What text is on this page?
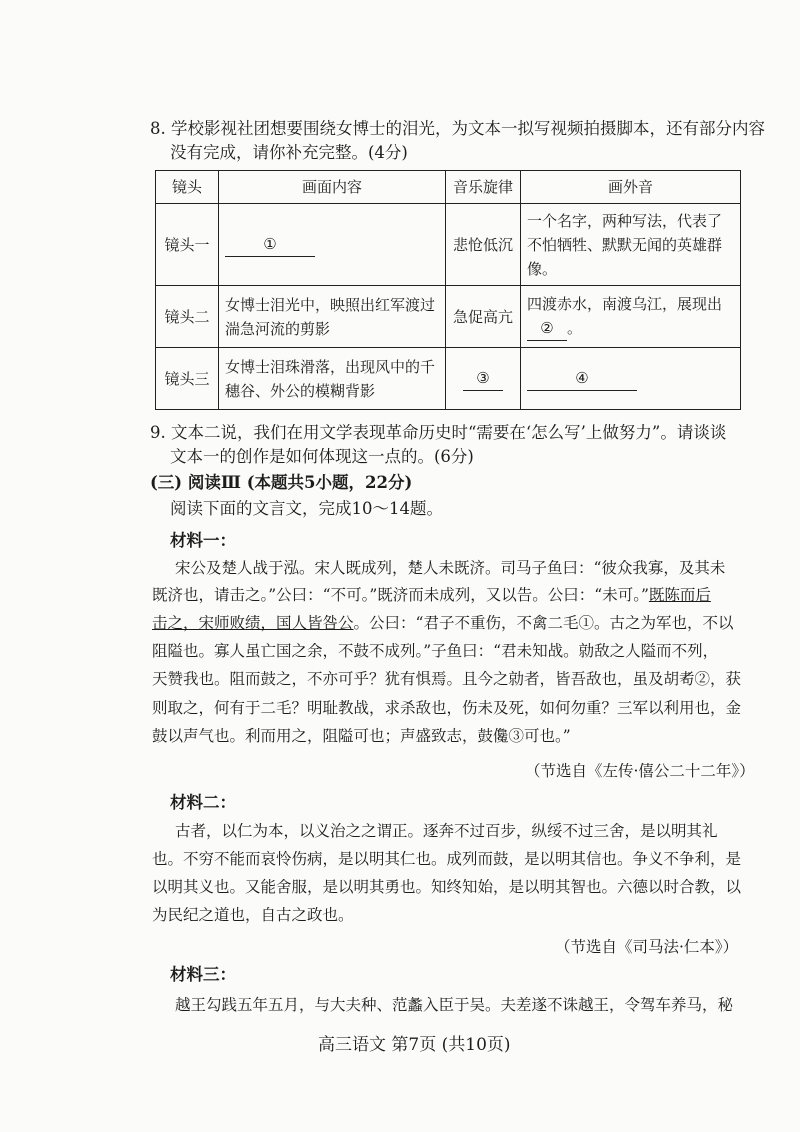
8. 学校影视社团想要围绕女博士的泪光，为文本一拟写视频拍摄脚本，还有部分内容
没有完成，请你补充完整。(4分)
镜头	画面内容	音乐旋律	画外音
镜头一	①	悲怆低沉	一个名字，两种写法，代表了不怕牺牲、默默无闻的英雄群像。
镜头二	女博士泪光中，映照出红军渡过湍急河流的剪影	急促高亢	四渡赤水，南渡乌江，展现出② 。
镜头三	女博士泪珠滑落，出现风中的千穗谷、外公的模糊背影	③	④
9. 文本二说，我们在用文学表现革命历史时“需要在‘怎么写’上做努力”。请谈谈
文本一的创作是如何体现这一点的。(6分)
(三) 阅读Ⅲ (本题共5小题，22分)
阅读下面的文言文，完成10～14题。
材料一：
宋公及楚人战于泓。宋人既成列，楚人未既济。司马子鱼曰：“彼众我寡，及其未
既济也，请击之。”公曰：“不可。”既济而未成列，又以告。公曰：“未可。”既陈而后
击之，宋师败绩，国人皆咎公。公曰：“君子不重伤，不禽二毛①。古之为军也，不以
阻隘也。寡人虽亡国之余，不鼓不成列。”子鱼曰：“君未知战。勍敌之人隘而不列，
天赞我也。阻而鼓之，不亦可乎？犹有惧焉。且今之勍者，皆吾敌也，虽及胡耇②，获
则取之，何有于二毛？明耻教战，求杀敌也，伤未及死，如何勿重？三军以利用也，金
鼓以声气也。利而用之，阻隘可也；声盛致志，鼓儳③可也。”
（节选自《左传·僖公二十二年》）
材料二：
古者，以仁为本，以义治之之谓正。逐奔不过百步，纵绥不过三舍，是以明其礼
也。不穷不能而哀怜伤病，是以明其仁也。成列而鼓，是以明其信也。争义不争利，是
以明其义也。又能舍服，是以明其勇也。知终知始，是以明其智也。六德以时合教，以
为民纪之道也，自古之政也。
（节选自《司马法·仁本》）
材料三：
越王勾践五年五月，与大夫种、范蠡入臣于吴。夫差遂不诛越王，令驾车养马，秘
高三语文 第7页 (共10页)
